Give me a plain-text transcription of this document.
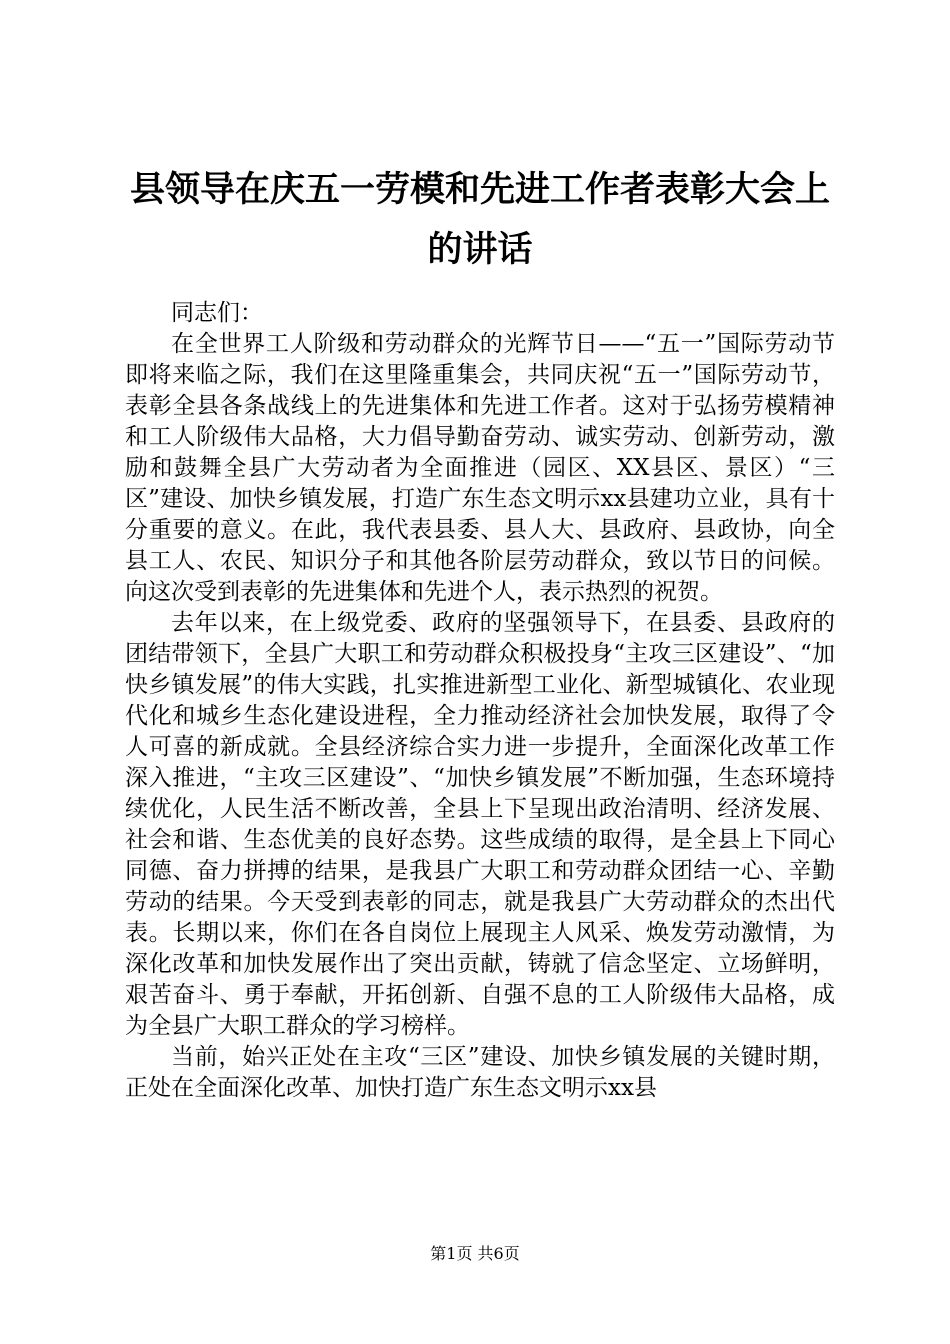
县领导在庆五一劳模和先进工作者表彰大会上
的讲话

同志们：

在全世界工人阶级和劳动群众的光辉节日——“五一”国际劳动节即将来临之际，我们在这里隆重集会，共同庆祝“五一”国际劳动节，表彰全县各条战线上的先进集体和先进工作者。这对于弘扬劳模精神和工人阶级伟大品格，大力倡导勤奋劳动、诚实劳动、创新劳动，激励和鼓舞全县广大劳动者为全面推进（园区、XX县区、景区）“三区”建设、加快乡镇发展，打造广东生态文明示xx县建功立业，具有十分重要的意义。在此，我代表县委、县人大、县政府、县政协，向全县工人、农民、知识分子和其他各阶层劳动群众，致以节日的问候。向这次受到表彰的先进集体和先进个人，表示热烈的祝贺。

去年以来，在上级党委、政府的坚强领导下，在县委、县政府的团结带领下，全县广大职工和劳动群众积极投身“主攻三区建设”、“加快乡镇发展”的伟大实践，扎实推进新型工业化、新型城镇化、农业现代化和城乡生态化建设进程，全力推动经济社会加快发展，取得了令人可喜的新成就。全县经济综合实力进一步提升，全面深化改革工作深入推进，“主攻三区建设”、“加快乡镇发展”不断加强，生态环境持续优化，人民生活不断改善，全县上下呈现出政治清明、经济发展、社会和谐、生态优美的良好态势。这些成绩的取得，是全县上下同心同德、奋力拼搏的结果，是我县广大职工和劳动群众团结一心、辛勤劳动的结果。今天受到表彰的同志，就是我县广大劳动群众的杰出代表。长期以来，你们在各自岗位上展现主人风采、焕发劳动激情，为深化改革和加快发展作出了突出贡献，铸就了信念坚定、立场鲜明，艰苦奋斗、勇于奉献，开拓创新、自强不息的工人阶级伟大品格，成为全县广大职工群众的学习榜样。

当前，始兴正处在主攻“三区”建设、加快乡镇发展的关键时期，正处在全面深化改革、加快打造广东生态文明示xx县

第1页 共6页
